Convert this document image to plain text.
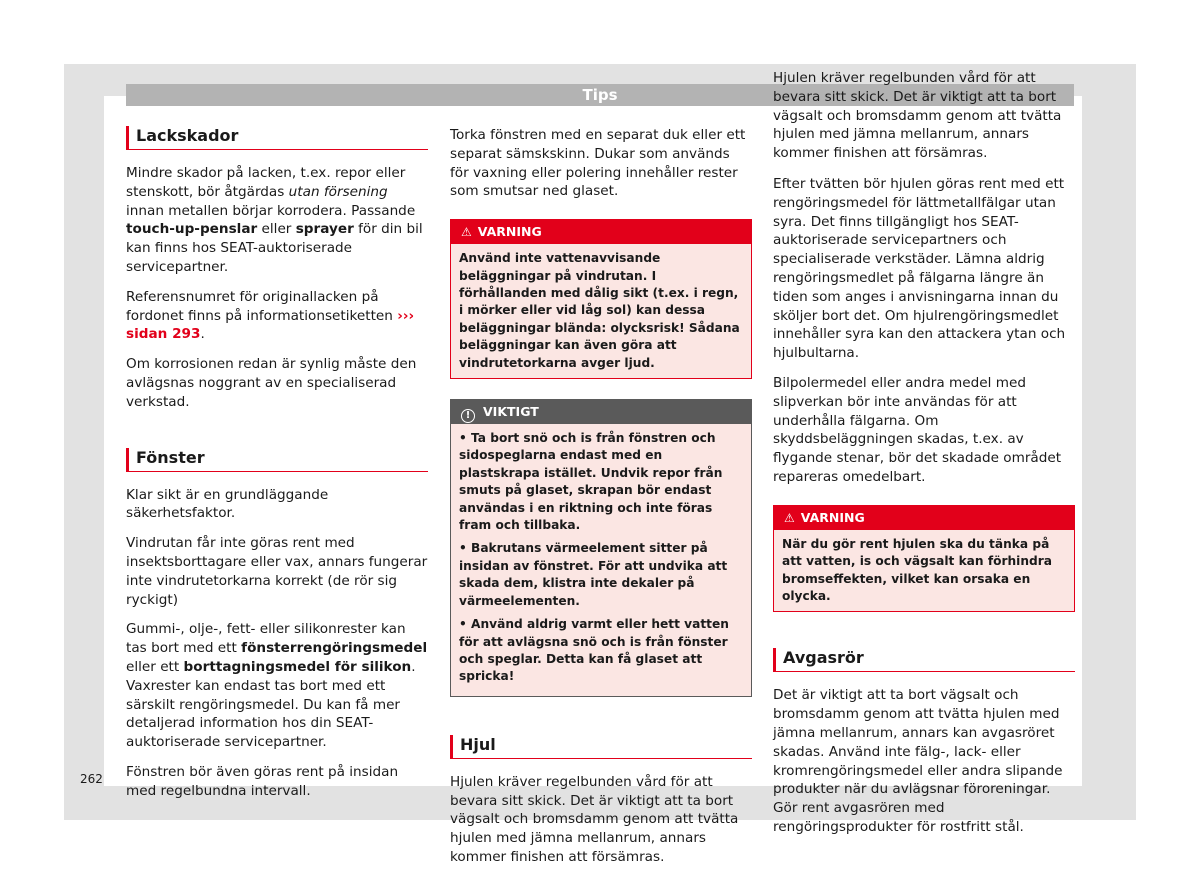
Tips
Lackskador

Mindre skador på lacken, t.ex. repor eller stenskott, bör åtgärdas utan försening innan metallen börjar korrodera. Passande touch-up-penslar eller sprayer för din bil kan finns hos SEAT-auktoriserade servicepartner.

Referensnumret för originallacken på fordonet finns på informationsetiketten ››› sidan 293.

Om korrosionen redan är synlig måste den avlägsnas noggrant av en specialiserad verkstad.

Fönster

Klar sikt är en grundläggande säkerhetsfaktor.

Vindrutan får inte göras rent med insektsborttagare eller vax, annars fungerar inte vindrutetorkarna korrekt (de rör sig ryckigt)

Gummi-, olje-, fett- eller silikonrester kan tas bort med ett fönsterrengöringsmedel eller ett borttagningsmedel för silikon. Vaxrester kan endast tas bort med ett särskilt rengöringsmedel. Du kan få mer detaljerad information hos din SEAT-auktoriserade servicepartner.

Fönstren bör även göras rent på insidan med regelbundna intervall.

Torka fönstren med en separat duk eller ett separat sämskskinn. Dukar som används för vaxning eller polering innehåller rester som smutsar ned glaset.

⚠ VARNING
Använd inte vattenavvisande beläggningar på vindrutan. I förhållanden med dålig sikt (t.ex. i regn, i mörker eller vid låg sol) kan dessa beläggningar blända: olycksrisk! Sådana beläggningar kan även göra att vindrutetorkarna avger ljud.
! VIKTIGT
• Ta bort snö och is från fönstren och sidospeglarna endast med en plastskrapa istället. Undvik repor från smuts på glaset, skrapan bör endast användas i en riktning och inte föras fram och tillbaka.
• Bakrutans värmeelement sitter på insidan av fönstret. För att undvika att skada dem, klistra inte dekaler på värmeelementen.
• Använd aldrig varmt eller hett vatten för att avlägsna snö och is från fönster och speglar. Detta kan få glaset att spricka!
Hjul

Hjulen kräver regelbunden vård för att bevara sitt skick. Det är viktigt att ta bort vägsalt och bromsdamm genom att tvätta hjulen med jämna mellanrum, annars kommer finishen att försämras.

Hjulen kräver regelbunden vård för att bevara sitt skick. Det är viktigt att ta bort vägsalt och bromsdamm genom att tvätta hjulen med jämna mellanrum, annars kommer finishen att försämras.

Efter tvätten bör hjulen göras rent med ett rengöringsmedel för lättmetallfälgar utan syra. Det finns tillgängligt hos SEAT-auktoriserade servicepartners och specialiserade verkstäder. Lämna aldrig rengöringsmedlet på fälgarna längre än tiden som anges i anvisningarna innan du sköljer bort det. Om hjulrengöringsmedlet innehåller syra kan den attackera ytan och hjulbultarna.

Bilpolermedel eller andra medel med slipverkan bör inte användas för att underhålla fälgarna. Om skyddsbeläggningen skadas, t.ex. av flygande stenar, bör det skadade området repareras omedelbart.

⚠ VARNING
När du gör rent hjulen ska du tänka på att vatten, is och vägsalt kan förhindra bromseffekten, vilket kan orsaka en olycka.
Avgasrör

Det är viktigt att ta bort vägsalt och bromsdamm genom att tvätta hjulen med jämna mellanrum, annars kan avgasröret skadas. Använd inte fälg-, lack- eller kromrengöringsmedel eller andra slipande produkter när du avlägsnar föroreningar. Gör rent avgasrören med rengöringsprodukter för rostfritt stål.

262
